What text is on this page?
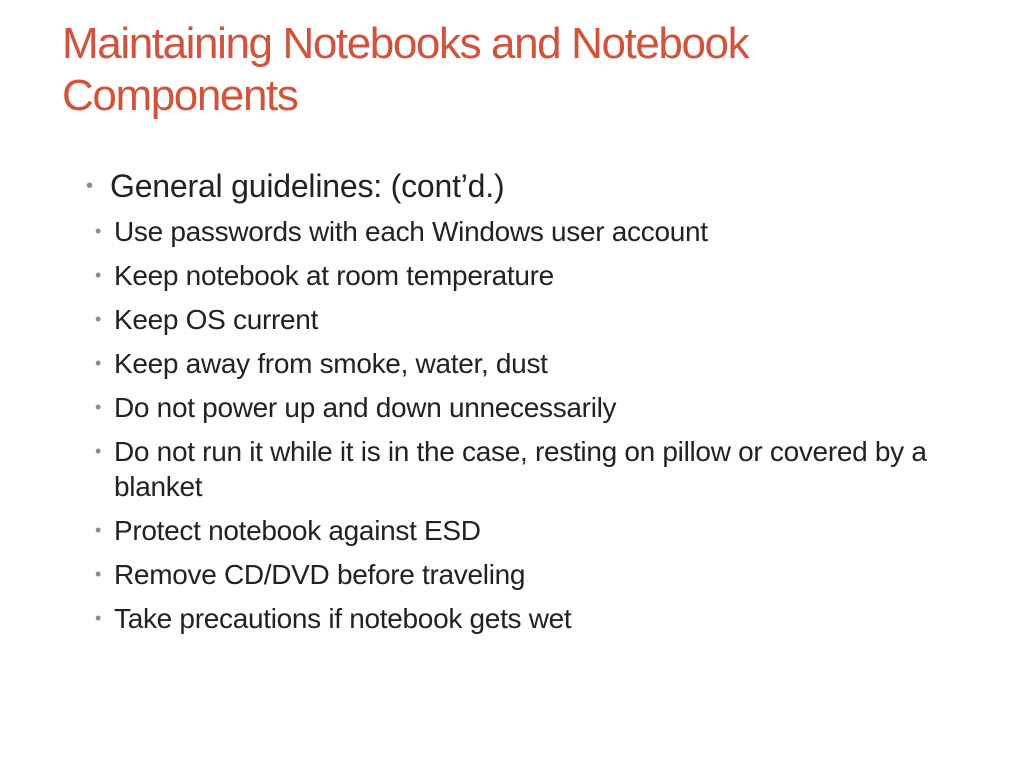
Maintaining Notebooks and Notebook
Components
• General guidelines: (cont’d.)
• Use passwords with each Windows user account
• Keep notebook at room temperature
• Keep OS current
• Keep away from smoke, water, dust
• Do not power up and down unnecessarily
• Do not run it while it is in the case, resting on pillow or covered by a blanket
• Protect notebook against ESD
• Remove CD/DVD before traveling
• Take precautions if notebook gets wet
